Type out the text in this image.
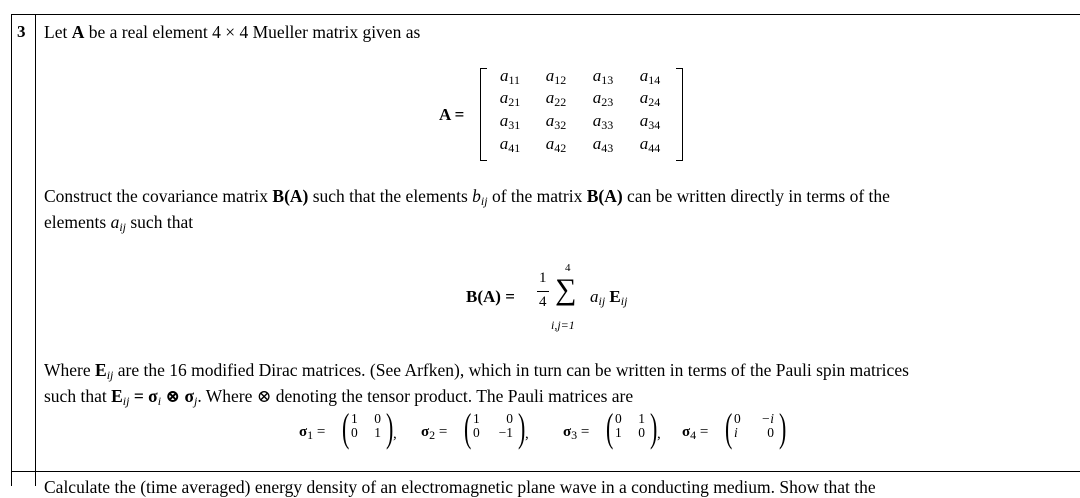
3 Let A be a real element 4 × 4 Mueller matrix given as
A =
$a_{11}$	$a_{12}$	$a_{13}$	$a_{14}$
$a_{21}$	$a_{22}$	$a_{23}$	$a_{24}$
$a_{31}$	$a_{32}$	$a_{33}$	$a_{34}$
$a_{41}$	$a_{42}$	$a_{43}$	$a_{44}$
Construct the covariance matrix B(A) such that the elements $b_{ij}$ of the matrix B(A) can be written directly in terms of the
elements $a_{ij}$ such that
B(A) =
1
4
4
∑
i,j=1
$a_{ij}$ $E_{ij}$
Where $E_{ij}$ are the 16 modified Dirac matrices. (See Arfken), which in turn can be written in terms of the Pauli spin matrices
such that $E_{ij} = \sigma_i$ ⊗ $\sigma_j$. Where ⊗ denoting the tensor product. The Pauli matrices are
$\sigma_1$ = ( 1 0
0 1 ) , $\sigma_2$ = ( 1 0
0 −1 ) , $\sigma_3$ = ( 0 1
1 0 ) , $\sigma_4$ = ( 0 −i
i 0 )
Calculate the (time averaged) energy density of an electromagnetic plane wave in a conducting medium. Show that the
